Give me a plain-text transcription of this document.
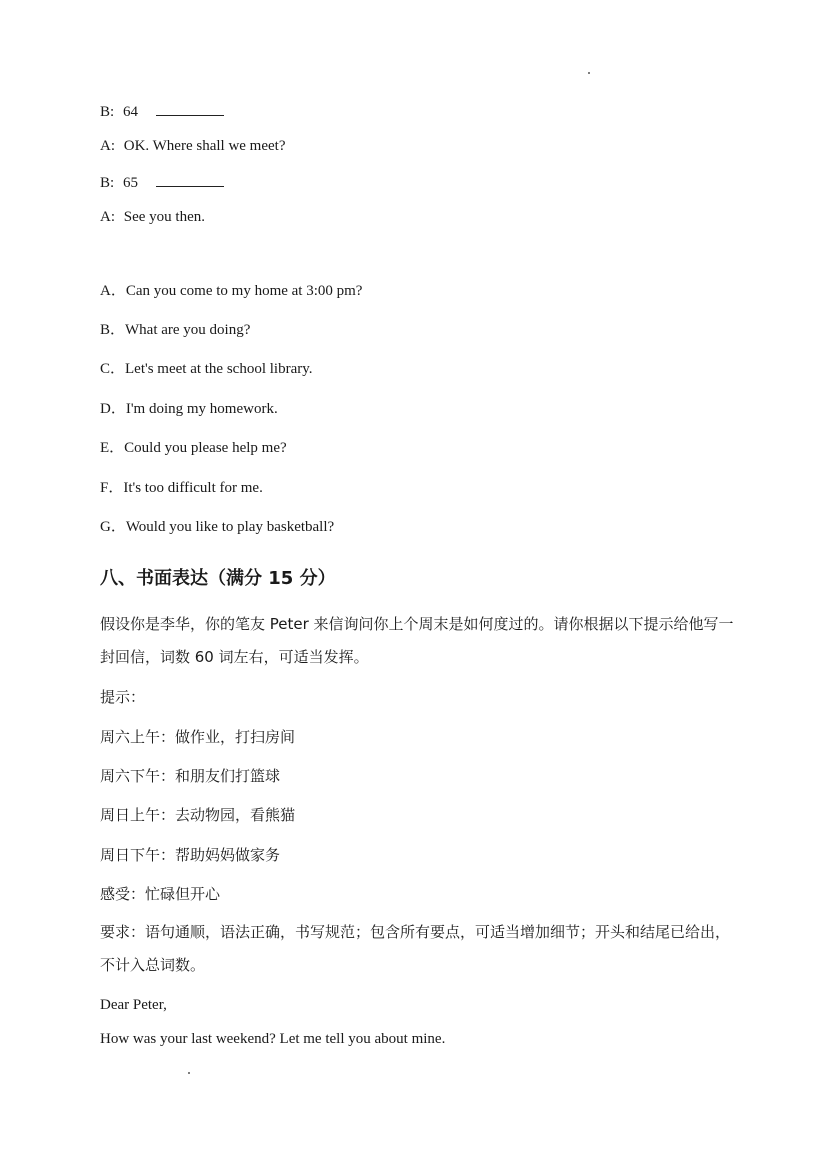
B: 64
A: OK. Where shall we meet?
B: 65
A: See you then.
A．Can you come to my home at 3:00 pm?
B．What are you doing?
C．Let's meet at the school library.
D．I'm doing my homework.
E．Could you please help me?
F．It's too difficult for me.
G．Would you like to play basketball?
八、书面表达（满分 15 分）
假设你是李华，你的笔友 Peter 来信询问你上个周末是如何度过的。请你根据以下提示给他写一封回信，词数 60 词左右，可适当发挥。
提示：
周六上午：做作业，打扫房间
周六下午：和朋友们打篮球
周日上午：去动物园，看熊猫
周日下午：帮助妈妈做家务
感受：忙碌但开心
要求：语句通顺，语法正确，书写规范；包含所有要点，可适当增加细节；开头和结尾已给出，不计入总词数。
Dear Peter,
How was your last weekend? Let me tell you about mine.
